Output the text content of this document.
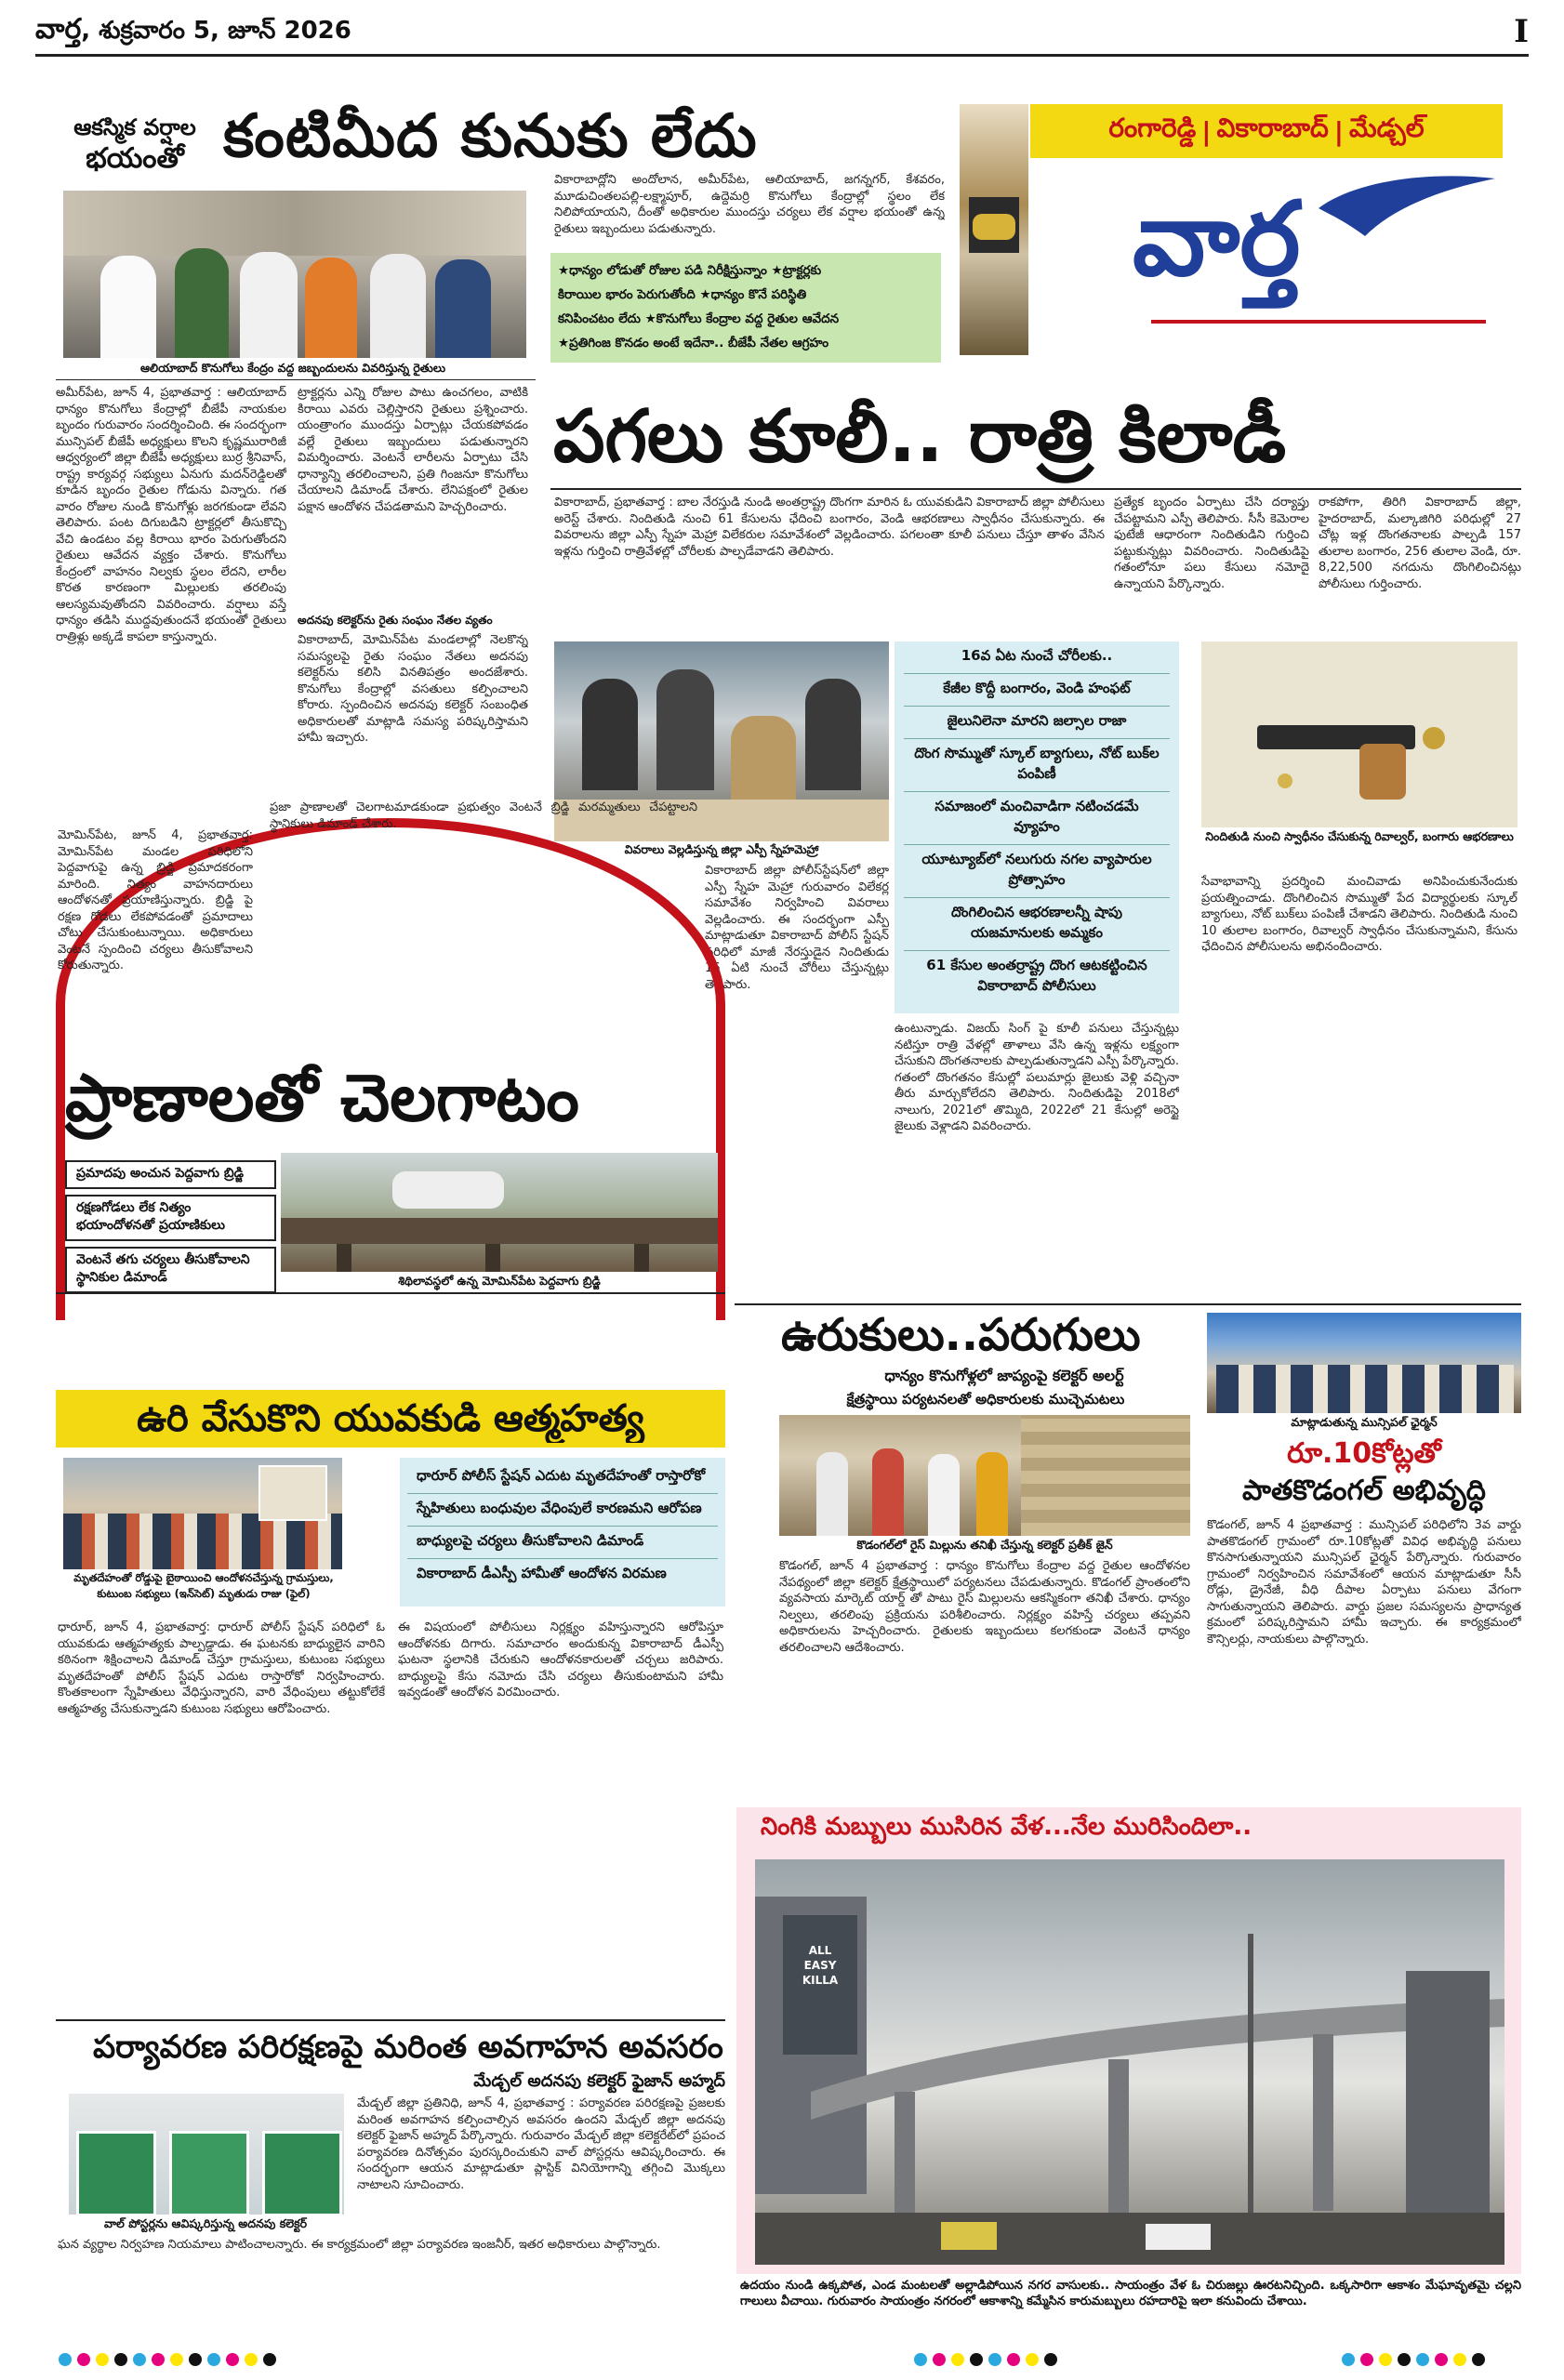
వార్త, శుక్రవారం 5, జూన్ 2026	I
ఆకస్మిక వర్షాల
భయంతో కంటిమీద కునుకు లేదు
ఆలియాబాద్ కొనుగోలు కేంద్రం వద్ద జబ్బందులను వివరిస్తున్న రైతులు
వికారాబాద్లోని అందోలాన, అమీర్‌పేట, ఆలియాబాద్, జగన్నగర్, కేశవరం, మూడుచింతలపల్లి-లక్ష్మాపూర్, ఉద్దెమర్రి కొనుగోలు కేంద్రాల్లో స్థలం లేక నిలిపోయాయని, దీంతో అధికారుల ముందస్తు చర్యలు లేక వర్షాల భయంతో ఉన్న రైతులు ఇబ్బందులు పడుతున్నారు.
★ధాన్యం లోడుతో రోజుల పడి నిరీక్షిస్తున్నాం ★ట్రాక్టర్లకు
కిరాయిల భారం పెరుగుతోంది ★ధాన్యం కొనే పరిస్థితి
కనిపించటం లేదు ★కొనుగోలు కేంద్రాల వద్ద రైతుల ఆవేదన
★ప్రతిగింజ కొనడం అంటే ఇదేనా.. బీజేపీ నేతల ఆగ్రహం
అమీర్‌పేట, జూన్ 4, ప్రభాతవార్త : ఆలియాబాద్ ధాన్యం కొనుగోలు కేంద్రాల్లో బీజేపీ నాయకుల బృందం గురువారం సందర్శించింది. ఈ సందర్భంగా మున్సిపల్ బీజేపీ అధ్యక్షులు కొలని కృష్ణమురారిజీ ఆధ్వర్యంలో జిల్లా బీజేపీ అధ్యక్షులు బుర్ర శ్రీనివాస్, రాష్ట్ర కార్యవర్గ సభ్యులు ఏనుగు మదన్‌రెడ్డిలతో కూడిన బృందం రైతుల గోడును విన్నారు. గత వారం రోజుల నుండి కొనుగోళ్లు జరగకుండా లేవని తెలిపారు. పంట దిగుబడిని ట్రాక్టర్లలో తీసుకొచ్చి వేచి ఉండటం వల్ల కిరాయి భారం పెరుగుతోందని రైతులు ఆవేదన వ్యక్తం చేశారు. కొనుగోలు కేంద్రంలో వాహనం నిల్వకు స్థలం లేదని, లారీల కొరత కారణంగా మిల్లులకు తరలింపు ఆలస్యమవుతోందని వివరించారు. వర్షాలు వస్తే ధాన్యం తడిసి ముద్దవుతుందనే భయంతో రైతులు రాత్రిళ్లు అక్కడే కాపలా కాస్తున్నారు.
ట్రాక్టర్లను ఎన్ని రోజుల పాటు ఉంచగలం, వాటికి కిరాయి ఎవరు చెల్లిస్తారని రైతులు ప్రశ్నించారు. యంత్రాంగం ముందస్తు ఏర్పాట్లు చేయకపోవడం వల్లే రైతులు ఇబ్బందులు పడుతున్నారని విమర్శించారు. వెంటనే లారీలను ఏర్పాటు చేసి ధాన్యాన్ని తరలించాలని, ప్రతి గింజనూ కొనుగోలు చేయాలని డిమాండ్ చేశారు. లేనిపక్షంలో రైతుల పక్షాన ఆందోళన చేపడతామని హెచ్చరించారు.
అదనపు కలెక్టర్‌ను రైతు సంఘం నేతల వ్యతం
వికారాబాద్, మోమిన్‌పేట మండలాల్లో నెలకొన్న సమస్యలపై రైతు సంఘం నేతలు అదనపు కలెక్టర్‌ను కలిసి వినతిపత్రం అందజేశారు. కొనుగోలు కేంద్రాల్లో వసతులు కల్పించాలని కోరారు. స్పందించిన అదనపు కలెక్టర్ సంబంధిత అధికారులతో మాట్లాడి సమస్య పరిష్కరిస్తామని హామీ ఇచ్చారు.
రంగారెడ్డి | వికారాబాద్ | మేడ్చల్
వార్త
పగలు కూలీ.. రాత్రి కిలాడీ
వికారాబాద్, ప్రభాతవార్త : బాల నేరస్తుడి నుండి అంతర్రాష్ట్ర దొంగగా మారిన ఓ యువకుడిని వికారాబాద్ జిల్లా పోలీసులు అరెస్ట్ చేశారు. నిందితుడి నుంచి 61 కేసులను ఛేదించి బంగారం, వెండి ఆభరణాలు స్వాధీనం చేసుకున్నారు. ఈ వివరాలను జిల్లా ఎస్పీ స్నేహ మెహ్రా విలేకరుల సమావేశంలో వెల్లడించారు. పగలంతా కూలీ పనులు చేస్తూ తాళం వేసిన ఇళ్లను గుర్తించి రాత్రివేళల్లో చోరీలకు పాల్పడేవాడని తెలిపారు.
ప్రత్యేక బృందం ఏర్పాటు చేసి దర్యాప్తు చేపట్టామని ఎస్పీ తెలిపారు. సీసీ కెమెరాల ఫుటేజీ ఆధారంగా నిందితుడిని గుర్తించి పట్టుకున్నట్లు వివరించారు. నిందితుడిపై గతంలోనూ పలు కేసులు నమోదై ఉన్నాయని పేర్కొన్నారు.
రాకపోగా, తిరిగి వికారాబాద్ జిల్లా, హైదరాబాద్, మల్కాజిగిరి పరిధుల్లో 27 చోట్ల ఇళ్ల దొంగతనాలకు పాల్పడి 157 తులాల బంగారం, 256 తులాల వెండి, రూ. 8,22,500 నగదును దొంగిలించినట్లు పోలీసులు గుర్తించారు.
వివరాలు వెల్లడిస్తున్న జిల్లా ఎస్పీ స్నేహమెహ్రా
16వ ఏట నుంచే చోరీలకు..
కేజీల కొద్దీ బంగారం, వెండి హంఫట్
జైలునిలెనా మారని జల్సాల రాజా
దొంగ సొమ్ముతో స్కూల్ బ్యాగులు, నోట్ బుక్‌ల పంపిణీ
సమాజంలో మంచివాడిగా నటించడమే వ్యూహం
యూట్యూబ్‌లో నలుగురు నగల వ్యాపారుల ప్రోత్సాహం
దొంగిలించిన ఆభరణాలన్నీ షాపు యజమానులకు అమ్మకం
61 కేసుల అంతర్రాష్ట్ర దొంగ ఆటకట్టించిన వికారాబాద్ పోలీసులు
నిందితుడి నుంచి స్వాధీనం చేసుకున్న రివాల్వర్, బంగారు ఆభరణాలు
వికారాబాద్ జిల్లా పోలీస్‌స్టేషన్‌లో జిల్లా ఎస్పీ స్నేహ మెహ్రా గురువారం విలేకర్ల సమావేశం నిర్వహించి వివరాలు వెల్లడించారు. ఈ సందర్భంగా ఎస్పీ మాట్లాడుతూ వికారాబాద్ పోలీస్ స్టేషన్ పరిధిలో మాజీ నేరస్తుడైన నిందితుడు 16 ఏటి నుంచే చోరీలు చేస్తున్నట్లు తెలిపారు.
ఉంటున్నాడు. విజయ్ సింగ్ పై కూలీ పనులు చేస్తున్నట్లు నటిస్తూ రాత్రి వేళల్లో తాళాలు వేసి ఉన్న ఇళ్లను లక్ష్యంగా చేసుకుని దొంగతనాలకు పాల్పడుతున్నాడని ఎస్పీ పేర్కొన్నారు. గతంలో దొంగతనం కేసుల్లో పలుమార్లు జైలుకు వెళ్లి వచ్చినా తీరు మార్చుకోలేదని తెలిపారు. నిందితుడిపై 2018లో నాలుగు, 2021లో తొమ్మిది, 2022లో 21 కేసుల్లో అరెస్టై జైలుకు వెళ్లాడని వివరించారు.
సేవాభావాన్ని ప్రదర్శించి మంచివాడు అనిపించుకునేందుకు ప్రయత్నించాడు. దొంగిలించిన సొమ్ముతో పేద విద్యార్థులకు స్కూల్ బ్యాగులు, నోట్ బుక్‌లు పంపిణీ చేశాడని తెలిపారు. నిందితుడి నుంచి 10 తులాల బంగారం, రివాల్వర్ స్వాధీనం చేసుకున్నామని, కేసును ఛేదించిన పోలీసులను అభినందించారు.
మోమిన్‌పేట, జూన్ 4, ప్రభాతవార్త: మోమిన్‌పేట మండల పరిధిలోని పెద్దవాగుపై ఉన్న బ్రిడ్జి ప్రమాదకరంగా మారింది. నిత్యం వాహనదారులు ఆందోళనతో ప్రయాణిస్తున్నారు. బ్రిడ్జి పై రక్షణ గోడలు లేకపోవడంతో ప్రమాదాలు చోటు చేసుకుంటున్నాయి. అధికారులు వెంటనే స్పందించి చర్యలు తీసుకోవాలని కోరుతున్నారు.
ప్రజా ప్రాణాలతో చెలగాటమాడకుండా ప్రభుత్వం వెంటనే బ్రిడ్జి మరమ్మతులు చేపట్టాలని స్థానికులు డిమాండ్ చేశారు.
ప్రాణాలతో చెలగాటం
ప్రమాదపు అంచున పెద్దవాగు బ్రిడ్జి రక్షణగోడలు లేక నిత్యం భయాందోళనతో ప్రయాణికులు వెంటనే తగు చర్యలు తీసుకోవాలని స్థానికుల డిమాండ్	శిథిలావస్థలో ఉన్న మోమిన్‌పేట పెద్దవాగు బ్రిడ్జి
ఉరి వేసుకొని యువకుడి ఆత్మహత్య
మృతదేహంతో రోడ్డుపై బైఠాయించి ఆందోళనచేస్తున్న గ్రామస్తులు, కుటుంబ సభ్యులు (ఇన్‌సెట్) మృతుడు రాజు (ఫైల్)
ధారూర్ పోలీస్ స్టేషన్ ఎదుట మృతదేహంతో రాస్తారోకో
స్నేహితులు బంధువుల వేధింపులే కారణమని ఆరోపణ
బాధ్యులపై చర్యలు తీసుకోవాలని డిమాండ్
వికారాబాద్ డీఎస్పీ హామీతో ఆందోళన విరమణ
ధారూర్, జూన్ 4, ప్రభాతవార్త: ధారూర్ పోలీస్ స్టేషన్ పరిధిలో ఓ యువకుడు ఆత్మహత్యకు పాల్పడ్డాడు. ఈ ఘటనకు బాధ్యులైన వారిని కఠినంగా శిక్షించాలని డిమాండ్ చేస్తూ గ్రామస్తులు, కుటుంబ సభ్యులు మృతదేహంతో పోలీస్ స్టేషన్ ఎదుట రాస్తారోకో నిర్వహించారు. కొంతకాలంగా స్నేహితులు వేధిస్తున్నారని, వారి వేధింపులు తట్టుకోలేకే ఆత్మహత్య చేసుకున్నాడని కుటుంబ సభ్యులు ఆరోపించారు.
ఈ విషయంలో పోలీసులు నిర్లక్ష్యం వహిస్తున్నారని ఆరోపిస్తూ ఆందోళనకు దిగారు. సమాచారం అందుకున్న వికారాబాద్ డీఎస్పీ ఘటనా స్థలానికి చేరుకుని ఆందోళనకారులతో చర్చలు జరిపారు. బాధ్యులపై కేసు నమోదు చేసి చర్యలు తీసుకుంటామని హామీ ఇవ్వడంతో ఆందోళన విరమించారు.
పర్యావరణ పరిరక్షణపై మరింత అవగాహన అవసరం
మేడ్చల్ అదనపు కలెక్టర్ ఫైజాన్ అహ్మద్
వాల్ పోస్టర్లను ఆవిష్కరిస్తున్న అదనపు కలెక్టర్
మేడ్చల్ జిల్లా ప్రతినిధి, జూన్ 4, ప్రభాతవార్త : పర్యావరణ పరిరక్షణపై ప్రజలకు మరింత అవగాహన కల్పించాల్సిన అవసరం ఉందని మేడ్చల్ జిల్లా అదనపు కలెక్టర్ ఫైజాన్ అహ్మద్ పేర్కొన్నారు. గురువారం మేడ్చల్ జిల్లా కలెక్టరేట్‌లో ప్రపంచ పర్యావరణ దినోత్సవం పురస్కరించుకుని వాల్ పోస్టర్లను ఆవిష్కరించారు. ఈ సందర్భంగా ఆయన మాట్లాడుతూ ప్లాస్టిక్ వినియోగాన్ని తగ్గించి మొక్కలు నాటాలని సూచించారు.
ఘన వ్యర్థాల నిర్వహణ నియమాలు పాటించాలన్నారు. ఈ కార్యక్రమంలో జిల్లా పర్యావరణ ఇంజనీర్, ఇతర అధికారులు పాల్గొన్నారు.
ఉరుకులు..పరుగులు
ధాన్యం కొనుగోళ్లలో జాప్యంపై కలెక్టర్ అలర్ట్
క్షేత్రస్థాయి పర్యటనలతో అధికారులకు ముచ్చెమటలు
కొడంగల్‌లో రైస్ మిల్లును తనిఖీ చేస్తున్న కలెక్టర్ ప్రతీక్ జైన్
కొడంగల్, జూన్ 4 ప్రభాతవార్త : ధాన్యం కొనుగోలు కేంద్రాల వద్ద రైతుల ఆందోళనల నేపథ్యంలో జిల్లా కలెక్టర్ క్షేత్రస్థాయిలో పర్యటనలు చేపడుతున్నారు. కొడంగల్ ప్రాంతంలోని వ్యవసాయ మార్కెట్ యార్డ్ తో పాటు రైస్ మిల్లులను ఆకస్మికంగా తనిఖీ చేశారు. ధాన్యం నిల్వలు, తరలింపు ప్రక్రియను పరిశీలించారు. నిర్లక్ష్యం వహిస్తే చర్యలు తప్పవని అధికారులను హెచ్చరించారు. రైతులకు ఇబ్బందులు కలగకుండా వెంటనే ధాన్యం తరలించాలని ఆదేశించారు.
మాట్లాడుతున్న మున్సిపల్ ఛైర్మన్
రూ.10కోట్లతో
పాతకొడంగల్ అభివృద్ధి
కొడంగల్, జూన్ 4 ప్రభాతవార్త : మున్సిపల్ పరిధిలోని 3వ వార్డు పాతకొడంగల్ గ్రామంలో రూ.10కోట్లతో వివిధ అభివృద్ధి పనులు కొనసాగుతున్నాయని మున్సిపల్ ఛైర్మన్ పేర్కొన్నారు. గురువారం గ్రామంలో నిర్వహించిన సమావేశంలో ఆయన మాట్లాడుతూ సీసీ రోడ్లు, డ్రైనేజీ, వీధి దీపాల ఏర్పాటు పనులు వేగంగా సాగుతున్నాయని తెలిపారు. వార్డు ప్రజల సమస్యలను ప్రాధాన్యత క్రమంలో పరిష్కరిస్తామని హామీ ఇచ్చారు. ఈ కార్యక్రమంలో కౌన్సిలర్లు, నాయకులు పాల్గొన్నారు.
నింగికి మబ్బులు ముసిరిన వేళ...నేల మురిసిందిలా..
ALL EASY KILLA
ఉదయం నుండి ఉక్కపోత, ఎండ మంటలతో అల్లాడిపోయిన నగర వాసులకు.. సాయంత్రం వేళ ఓ చిరుజల్లు ఊరటనిచ్చింది. ఒక్కసారిగా ఆకాశం మేఘావృతమై చల్లని గాలులు వీచాయి. గురువారం సాయంత్రం నగరంలో ఆకాశాన్ని కమ్మేసిన కారుమబ్బులు రహదారిపై ఇలా కనువిందు చేశాయి.
